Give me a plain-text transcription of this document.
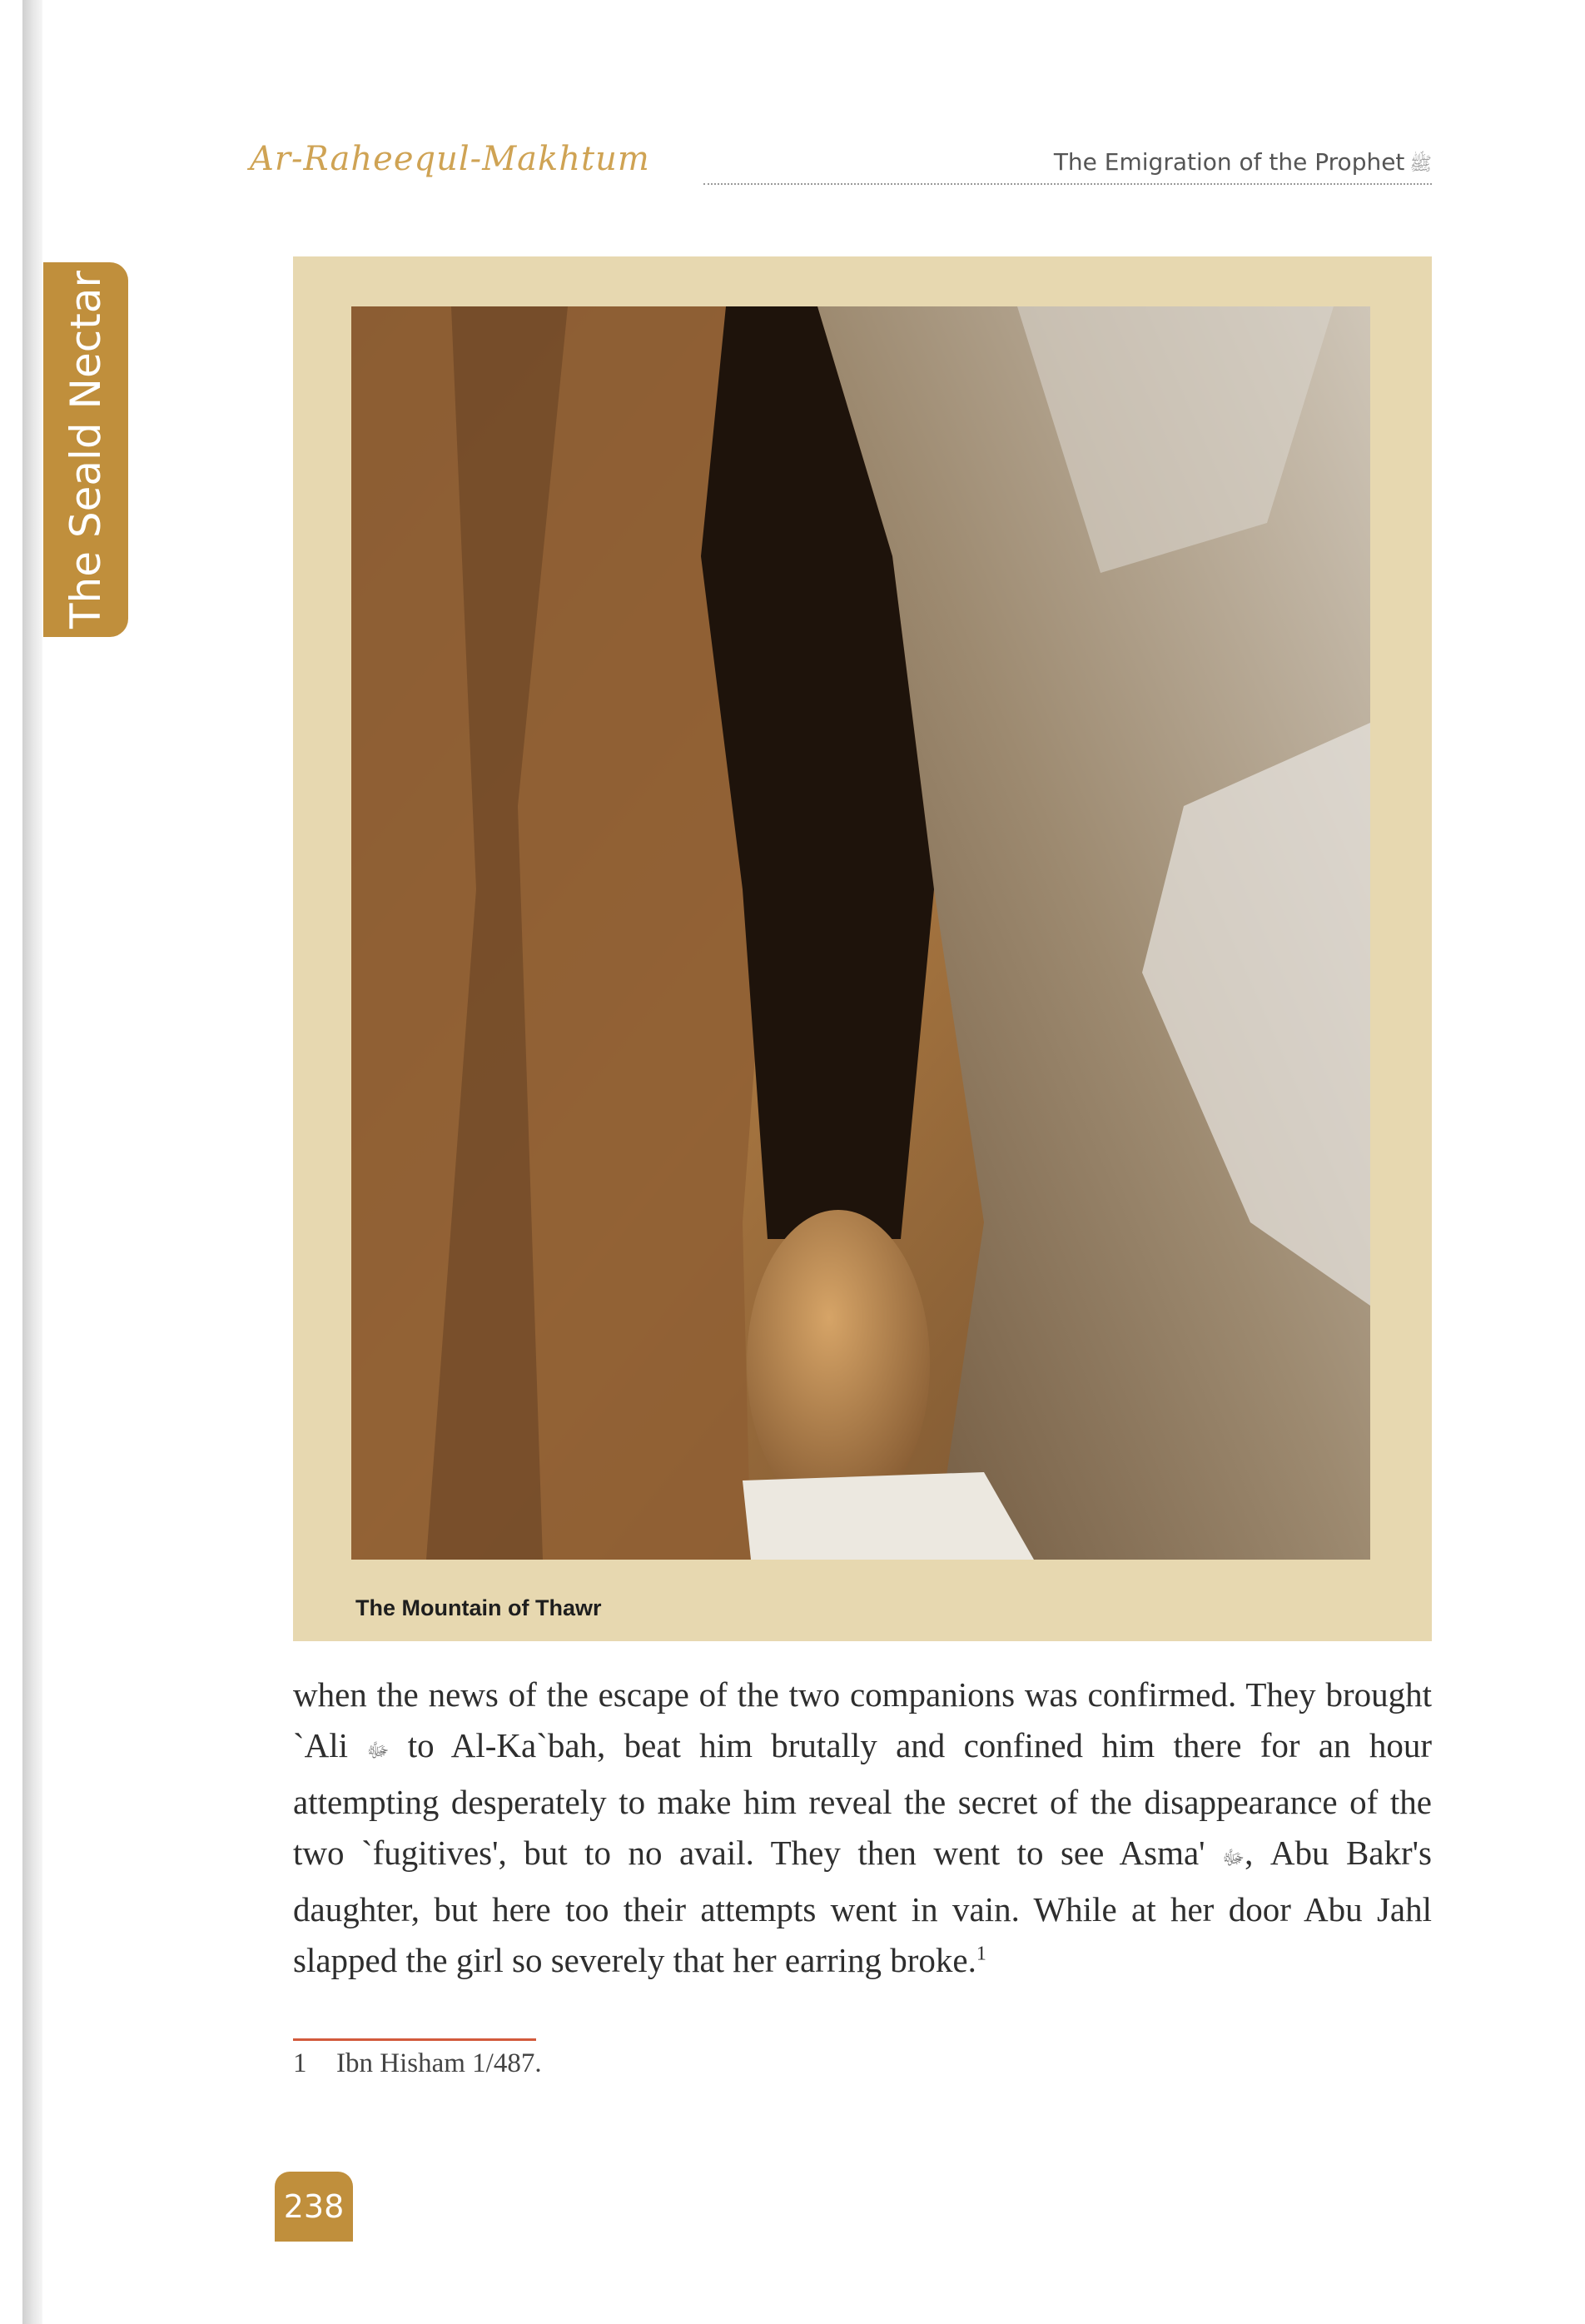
The Seald Nectar
Ar-Raheequl-Makhtum	The Emigration of the Prophet ﷺ
The Mountain of Thawr

when the news of the escape of the two companions was confirmed. They brought `Ali ﷻ to Al-Ka`bah, beat him brutally and confined him there for an hour attempting desperately to make him reveal the secret of the disappearance of the two `fugitives', but to no avail. They then went to see Asma' ﷻ, Abu Bakr's daughter, but here too their attempts went in vain. While at her door Abu Jahl slapped the girl so severely that her earring broke.$^1$

1 Ibn Hisham 1/487.
238
